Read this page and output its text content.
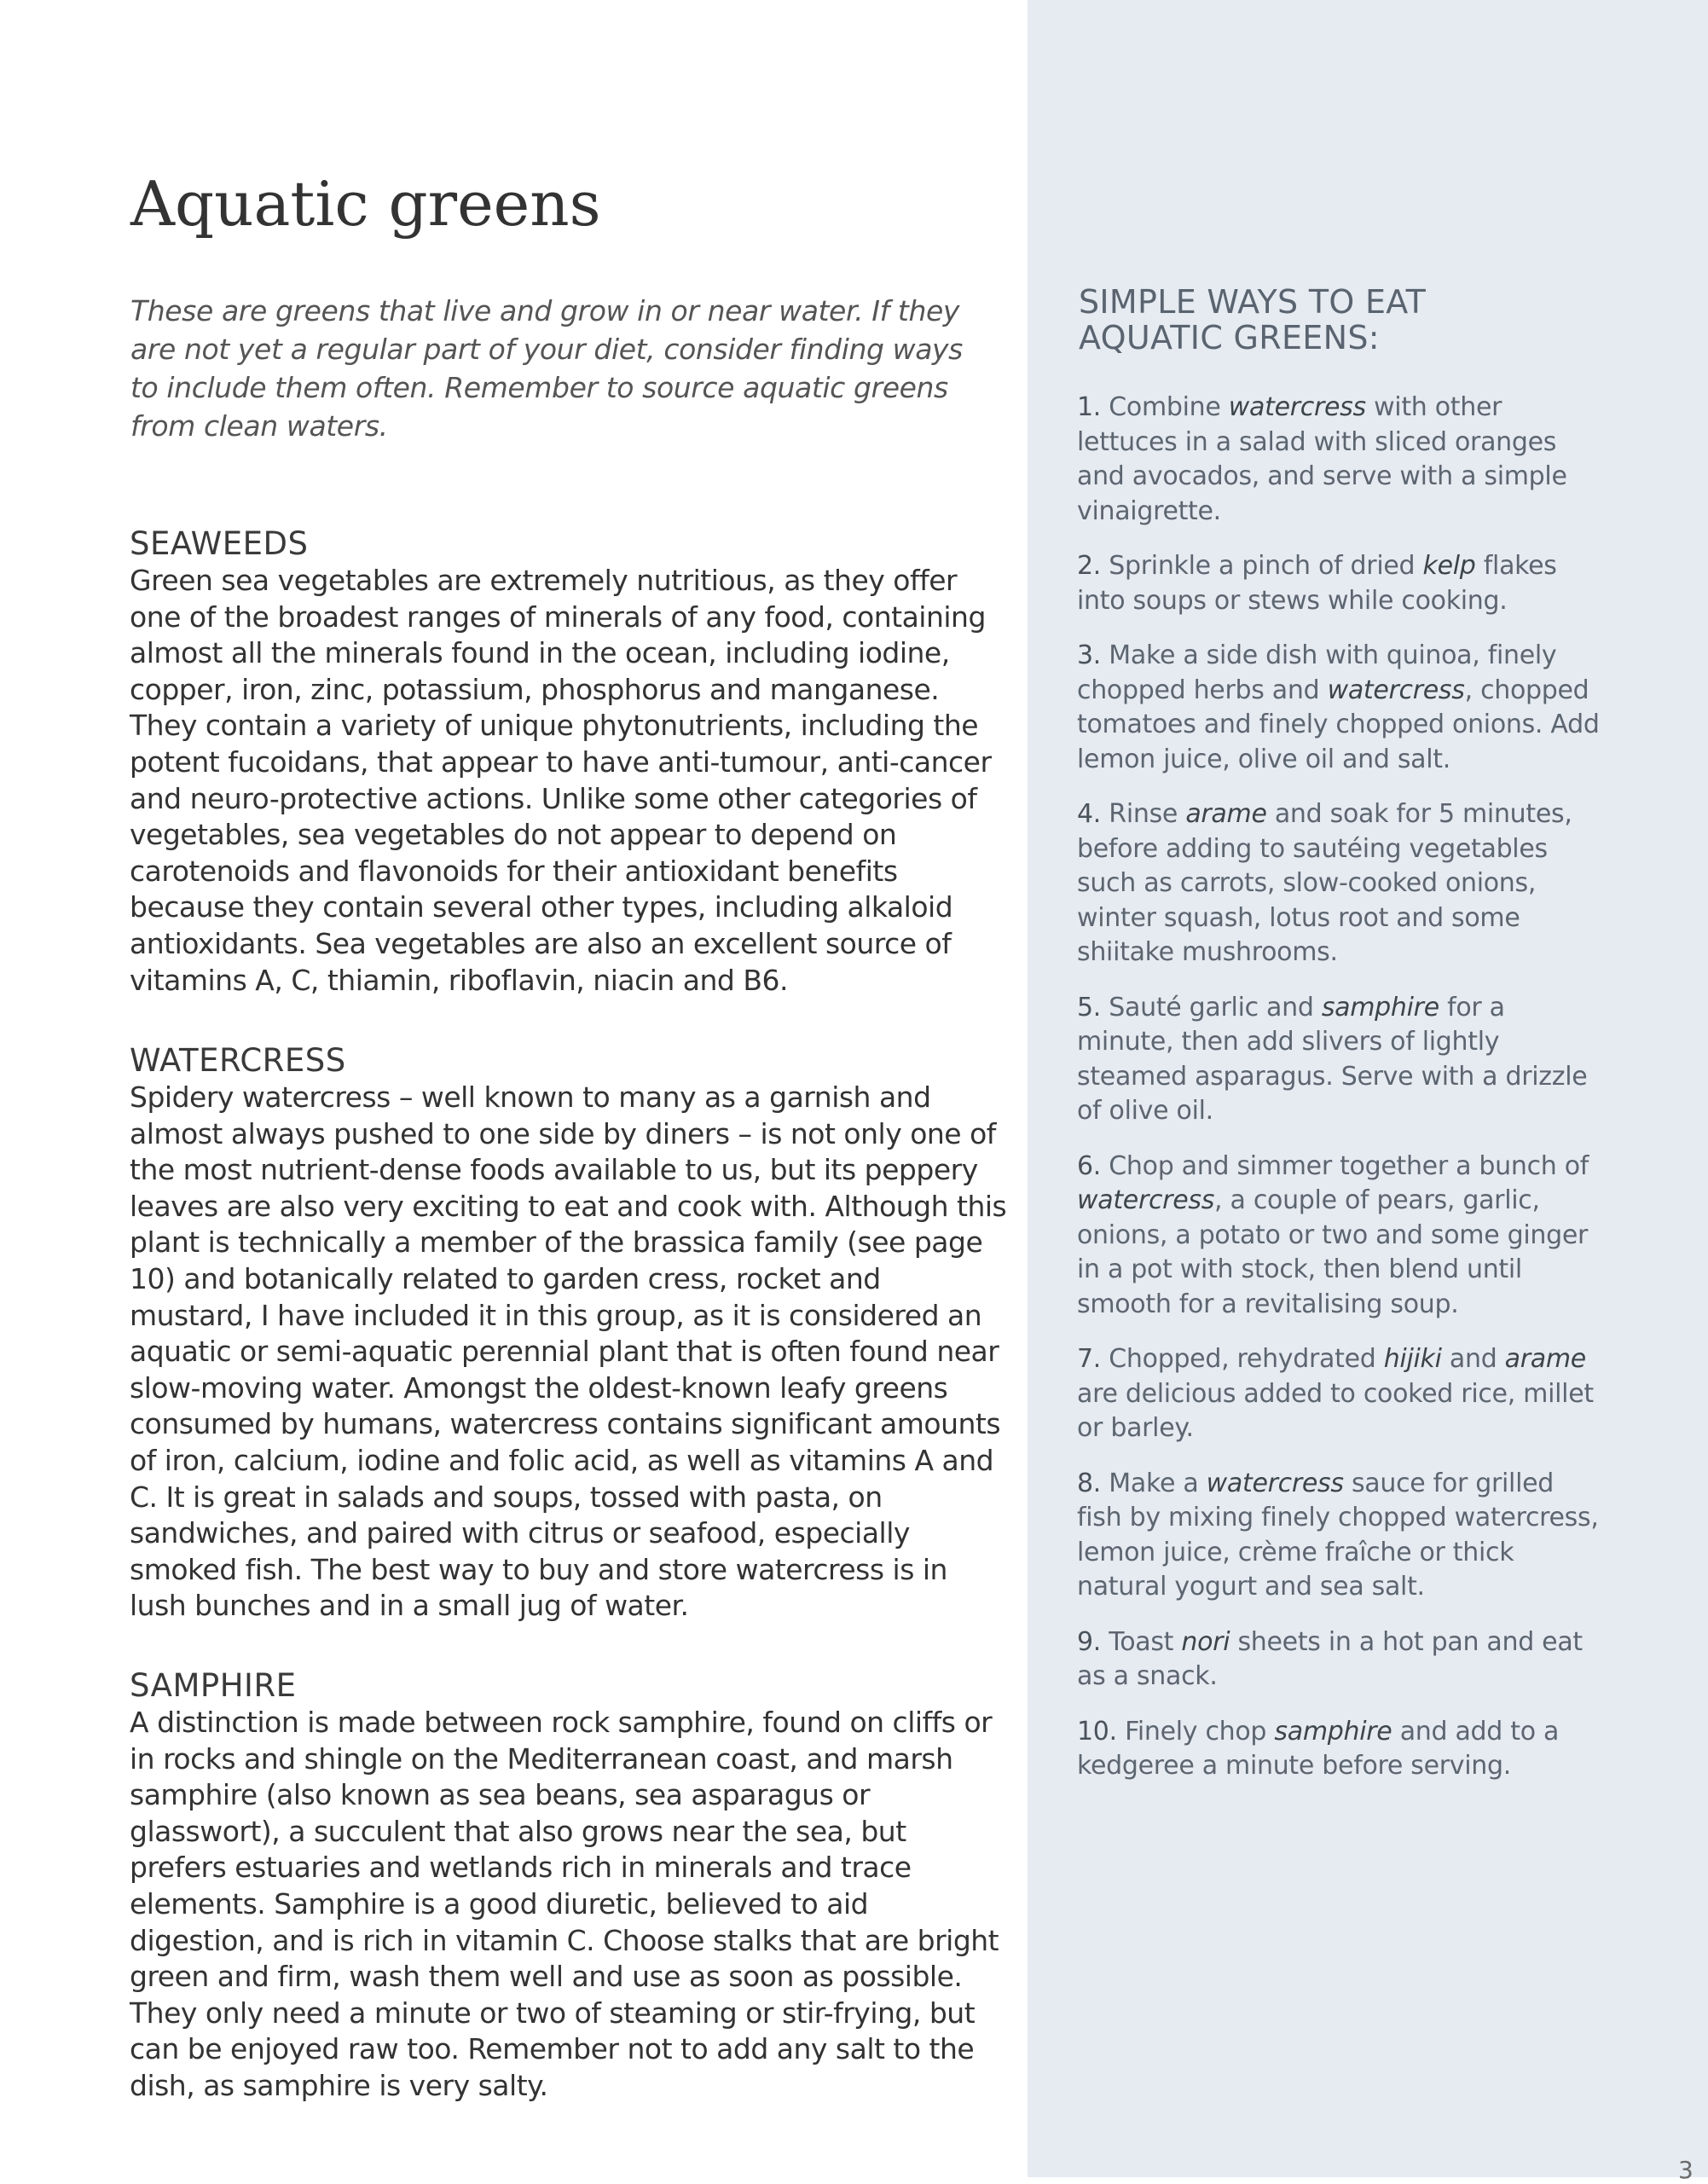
Aquatic greens

These are greens that live and grow in or near water. If they are not yet a regular part of your diet, consider finding ways to include them often. Remember to source aquatic greens from clean waters.

SEAWEEDS

Green sea vegetables are extremely nutritious, as they offer one of the broadest ranges of minerals of any food, containing almost all the minerals found in the ocean, including iodine, copper, iron, zinc, potassium, phosphorus and manganese. They contain a variety of unique phytonutrients, including the potent fucoidans, that appear to have anti-tumour, anti-cancer and neuro-protective actions. Unlike some other categories of vegetables, sea vegetables do not appear to depend on carotenoids and flavonoids for their antioxidant benefits because they contain several other types, including alkaloid antioxidants. Sea vegetables are also an excellent source of vitamins A, C, thiamin, riboflavin, niacin and B6.

WATERCRESS

Spidery watercress – well known to many as a garnish and almost always pushed to one side by diners – is not only one of the most nutrient-dense foods available to us, but its peppery leaves are also very exciting to eat and cook with. Although this plant is technically a member of the brassica family (see page 10) and botanically related to garden cress, rocket and mustard, I have included it in this group, as it is considered an aquatic or semi-aquatic perennial plant that is often found near slow-moving water. Amongst the oldest-known leafy greens consumed by humans, watercress contains significant amounts of iron, calcium, iodine and folic acid, as well as vitamins A and C. It is great in salads and soups, tossed with pasta, on sandwiches, and paired with citrus or seafood, especially smoked fish. The best way to buy and store watercress is in lush bunches and in a small jug of water.

SAMPHIRE

A distinction is made between rock samphire, found on cliffs or in rocks and shingle on the Mediterranean coast, and marsh samphire (also known as sea beans, sea asparagus or glasswort), a succulent that also grows near the sea, but prefers estuaries and wetlands rich in minerals and trace elements. Samphire is a good diuretic, believed to aid digestion, and is rich in vitamin C. Choose stalks that are bright green and firm, wash them well and use as soon as possible. They only need a minute or two of steaming or stir-frying, but can be enjoyed raw too. Remember not to add any salt to the dish, as samphire is very salty.

SIMPLE WAYS TO EAT AQUATIC GREENS:
1. Combine watercress with other lettuces in a salad with sliced oranges and avocados, and serve with a simple vinaigrette.
2. Sprinkle a pinch of dried kelp flakes into soups or stews while cooking.
3. Make a side dish with quinoa, finely chopped herbs and watercress, chopped tomatoes and finely chopped onions. Add lemon juice, olive oil and salt.
4. Rinse arame and soak for 5 minutes, before adding to sautéing vegetables such as carrots, slow-cooked onions, winter squash, lotus root and some shiitake mushrooms.
5. Sauté garlic and samphire for a minute, then add slivers of lightly steamed asparagus. Serve with a drizzle of olive oil.
6. Chop and simmer together a bunch of watercress, a couple of pears, garlic, onions, a potato or two and some ginger in a pot with stock, then blend until smooth for a revitalising soup.
7. Chopped, rehydrated hijiki and arame are delicious added to cooked rice, millet or barley.
8. Make a watercress sauce for grilled fish by mixing finely chopped watercress, lemon juice, crème fraîche or thick natural yogurt and sea salt.
9. Toast nori sheets in a hot pan and eat as a snack.
10. Finely chop samphire and add to a kedgeree a minute before serving.
3
